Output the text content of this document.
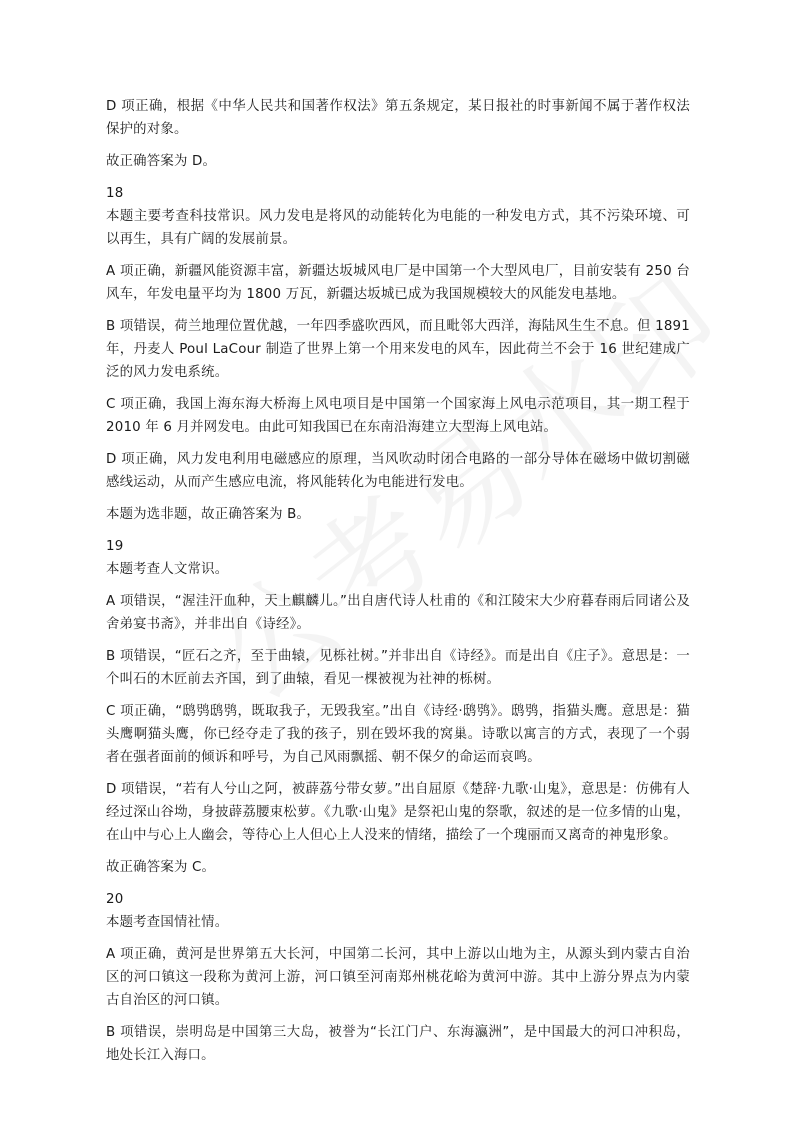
D 项正确，根据《中华人民共和国著作权法》第五条规定，某日报社的时事新闻不属于著作权法保护的对象。

故正确答案为 D。

18

本题主要考查科技常识。风力发电是将风的动能转化为电能的一种发电方式，其不污染环境、可以再生，具有广阔的发展前景。

A 项正确，新疆风能资源丰富，新疆达坂城风电厂是中国第一个大型风电厂，目前安装有 250 台风车，年发电量平均为 1800 万瓦，新疆达坂城已成为我国规模较大的风能发电基地。

B 项错误，荷兰地理位置优越，一年四季盛吹西风，而且毗邻大西洋，海陆风生生不息。但 1891 年，丹麦人 Poul LaCour 制造了世界上第一个用来发电的风车，因此荷兰不会于 16 世纪建成广泛的风力发电系统。

C 项正确，我国上海东海大桥海上风电项目是中国第一个国家海上风电示范项目，其一期工程于 2010 年 6 月并网发电。由此可知我国已在东南沿海建立大型海上风电站。

D 项正确，风力发电利用电磁感应的原理，当风吹动时闭合电路的一部分导体在磁场中做切割磁感线运动，从而产生感应电流，将风能转化为电能进行发电。

本题为选非题，故正确答案为 B。

19

本题考查人文常识。

A 项错误，“渥洼汗血种，天上麒麟儿。”出自唐代诗人杜甫的《和江陵宋大少府暮春雨后同诸公及舍弟宴书斋》，并非出自《诗经》。

B 项错误，“匠石之齐，至于曲辕，见栎社树。”并非出自《诗经》。而是出自《庄子》。意思是：一个叫石的木匠前去齐国，到了曲辕，看见一棵被视为社神的栎树。

C 项正确，“鸱鸮鸱鸮，既取我子，无毁我室。”出自《诗经·鸱鸮》。鸱鸮，指猫头鹰。意思是：猫头鹰啊猫头鹰，你已经夺走了我的孩子，别在毁坏我的窝巢。诗歌以寓言的方式，表现了一个弱者在强者面前的倾诉和呼号，为自己风雨飘摇、朝不保夕的命运而哀鸣。

D 项错误，“若有人兮山之阿，被薜荔兮带女萝。”出自屈原《楚辞·九歌·山鬼》，意思是：仿佛有人经过深山谷坳，身披薜荔腰束松萝。《九歌·山鬼》是祭祀山鬼的祭歌，叙述的是一位多情的山鬼，在山中与心上人幽会，等待心上人但心上人没来的情绪，描绘了一个瑰丽而又离奇的神鬼形象。

故正确答案为 C。

20

本题考查国情社情。

A 项正确，黄河是世界第五大长河，中国第二长河，其中上游以山地为主，从源头到内蒙古自治区的河口镇这一段称为黄河上游，河口镇至河南郑州桃花峪为黄河中游。其中上游分界点为内蒙古自治区的河口镇。

B 项错误，崇明岛是中国第三大岛，被誉为“长江门户、东海瀛洲”，是中国最大的河口冲积岛，地处长江入海口。
